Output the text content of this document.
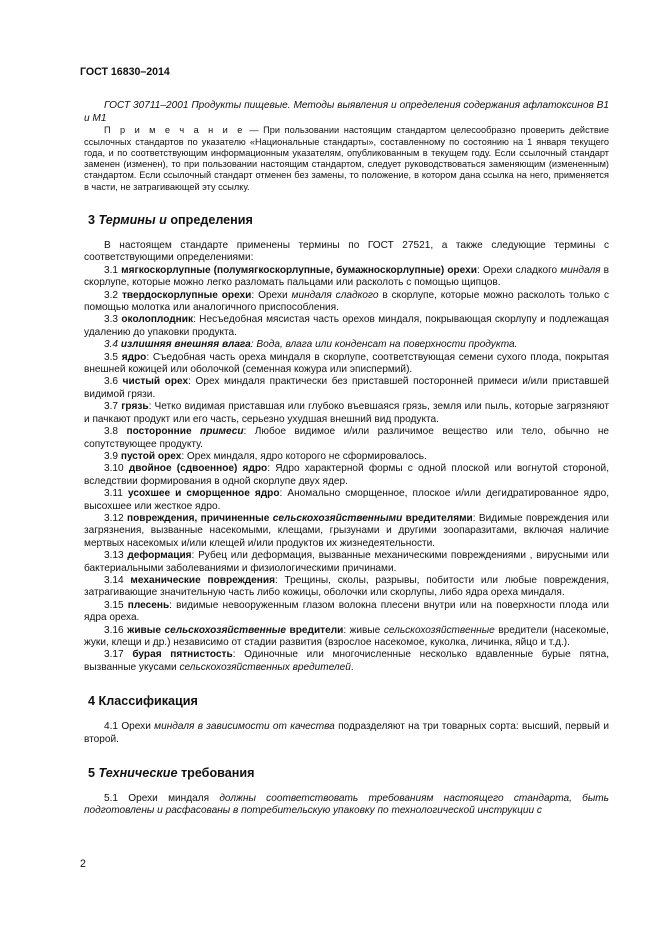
ГОСТ 16830–2014

ГОСТ 30711–2001 Продукты пищевые. Методы выявления и определения содержания афлатоксинов В1 и М1

П р и м е ч а н и е — При пользовании настоящим стандартом целесообразно проверить действие ссылочных стандартов по указателю «Национальные стандарты», составленному по состоянию на 1 января текущего года, и по соответствующим информационным указателям, опубликованным в текущем году. Если ссылочный стандарт заменен (изменен), то при пользовании настоящим стандартом, следует руководствоваться заменяющим (измененным) стандартом. Если ссылочный стандарт отменен без замены, то положение, в котором дана ссылка на него, применяется в части, не затрагивающей эту ссылку.

3 Термины и определения

В настоящем стандарте применены термины по ГОСТ 27521, а также следующие термины с соответствующими определениями:

3.1 мягкоскорлупные (полумягкоскорлупные, бумажноскорлупные) орехи: Орехи сладкого миндаля в скорлупе, которые можно легко разломать пальцами или расколоть с помощью щипцов.

3.2 твердоскорлупные орехи: Орехи миндаля сладкого в скорлупе, которые можно расколоть только с помощью молотка или аналогичного приспособления.

3.3 околоплодник: Несъедобная мясистая часть орехов миндаля, покрывающая скорлупу и подлежащая удалению до упаковки продукта.

3.4 излишняя внешняя влага: Вода, влага или конденсат на поверхности продукта.

3.5 ядро: Съедобная часть ореха миндаля в скорлупе, соответствующая семени сухого плода, покрытая внешней кожицей или оболочкой (семенная кожура или эписпермий).

3.6 чистый орех: Орех миндаля практически без приставшей посторонней примеси и/или приставшей видимой грязи.

3.7 грязь: Четко видимая приставшая или глубоко въевшаяся грязь, земля или пыль, которые загрязняют и пачкают продукт или его часть, серьезно ухудшая внешний вид продукта.

3.8 посторонние примеси: Любое видимое и/или различимое вещество или тело, обычно не сопутствующее продукту.

3.9 пустой орех: Орех миндаля, ядро которого не сформировалось.

3.10 двойное (сдвоенное) ядро: Ядро характерной формы с одной плоской или вогнутой стороной, вследствии формирования в одной скорлупе двух ядер.

3.11 усохшее и сморщенное ядро: Аномально сморщенное, плоское и/или дегидратированное ядро, высохшее или жесткое ядро.

3.12 повреждения, причиненные сельскохозяйственными вредителями: Видимые повреждения или загрязнения, вызванные насекомыми, клещами, грызунами и другими зоопаразитами, включая наличие мертвых насекомых и/или клещей и/или продуктов их жизнедеятельности.

3.13 деформация: Рубец или деформация, вызванные механическими повреждениями , вирусными или бактериальными заболеваниями и физиологическими причинами.

3.14 механические повреждения: Трещины, сколы, разрывы, побитости или любые повреждения, затрагивающие значительную часть либо кожицы, оболочки или скорлупы, либо ядра ореха миндаля.

3.15 плесень: видимые невооруженным глазом волокна плесени внутри или на поверхности плода или ядра ореха.

3.16 живые сельскохозяйственные вредители: живые сельскохозяйственные вредители (насекомые, жуки, клещи и др.) независимо от стадии развития (взрослое насекомое, куколка, личинка, яйцо и т.д.).

3.17 бурая пятнистость: Одиночные или многочисленные несколько вдавленные бурые пятна, вызванные укусами сельскохозяйственных вредителей.

4 Классификация

4.1 Орехи миндаля в зависимости от качества подразделяют на три товарных сорта: высший, первый и второй.

5 Технические требования

5.1 Орехи миндаля должны соответствовать требованиям настоящего стандарта, быть подготовлены и расфасованы в потребительскую упаковку по технологической инструкции с

2
